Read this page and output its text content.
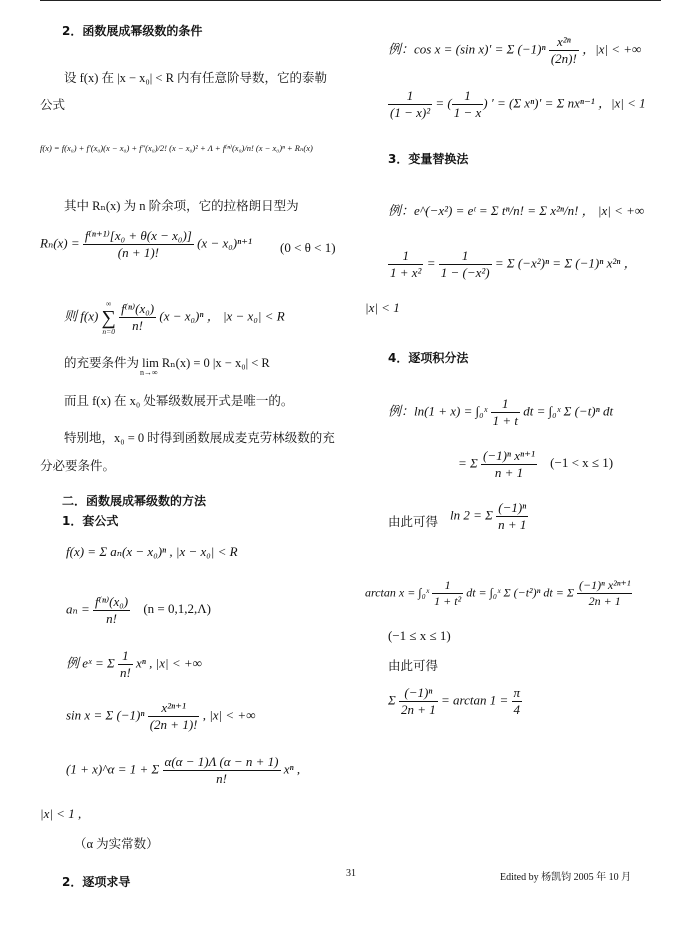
2．函数展成幂级数的条件
设 f(x) 在 |x − x₀| < R 内有任意阶导数，它的泰勒
公式
f(x) = f(x₀) + f′(x₀)(x − x₀) + f″(x₀)/2! (x − x₀)² + Λ + f⁽ⁿ⁾(x₀)/n! (x − x₀)ⁿ + Rₙ(x)
其中 Rₙ(x) 为 n 阶余项，它的拉格朗日型为
$R_n(x) = \frac{\text{f⁽ⁿ⁺¹⁾[x₀ + θ(x − x₀)]}}{(n + 1)!} (x - x_0)^{n+1}$ (0 < θ < 1)
则 f(x)
∞
∑
n=0
$\frac{\text{f⁽ⁿ⁾(x₀)}}{n!} (x - x_0)^n$ ， |x − x₀| < R
的充要条件为 lim Rₙ(x) = 0 |x − x₀| < R
n→∞
而且 f(x) 在 x₀ 处幂级数展开式是唯一的。
特别地，x₀ = 0 时得到函数展成麦克劳林级数的充
分必要条件。
二．函数展成幂级数的方法
1．套公式
f(x) = Σ aₙ(x − x₀)ⁿ , |x − x₀| < R
$a_n = \frac{\text{f⁽ⁿ⁾(x₀)}}{n!} (n = 0,1,2,\Lambda)$
例 eˣ = Σ $\frac{1}{n!}$ xⁿ , |x| < +∞
sin x = Σ $(-1)^n \frac{\text{x²ⁿ⁺¹}}{(2n + 1)!}$ , |x| < +∞
(1 + x)^α = 1 + Σ $\frac{\alpha(\alpha - 1)\Lambda (\alpha - n + 1)}{n!}$ xⁿ ,
|x| < 1 ,
（α 为实常数）
2．逐项求导
例：cos x = (sin x)′ = Σ $(-1)^n \frac{\text{x²ⁿ}}{(2n)!}$ ，|x| < +∞
$\frac{1}{\text{(1 − x)²}}$ = ( $\frac{1}{1 - x}$ ) ′ = (Σ xⁿ)′ = Σ nxⁿ⁻¹ ，|x| < 1
3．变量替换法
例：e^(−x²) = eᵗ = Σ tⁿ/n! = Σ x²ⁿ/n! ， |x| < +∞
$\frac{1}{\text{1 + x²}} = \frac{1}{\text{1 − (−x²)}} = \Sigma$ (−x²)ⁿ = Σ (−1)ⁿ x²ⁿ ，
|x| < 1
4．逐项积分法
例：ln(1 + x) = ∫₀ˣ $\frac{1}{1 + t}$ dt = ∫₀ˣ Σ (−t)ⁿ dt
= Σ $\frac{\text{(−1)ⁿ xⁿ⁺¹}}{n + 1} (-1 < x \le 1)$
由此可得 ln 2 = Σ $\frac{\text{(−1)ⁿ}}{n + 1}$
arctan x = ∫₀ˣ $\frac{1}{\text{1 + t²}}$ dt = ∫₀ˣ Σ (−t²)ⁿ dt = Σ $\frac{\text{(−1)ⁿ x²ⁿ⁺¹}}{2n + 1}$
(−1 ≤ x ≤ 1)
由此可得
Σ $\frac{\text{(−1)ⁿ}}{2n + 1} = \arctan 1 = \frac{\pi}{4}$
31	Edited by 杨凯钧 2005 年 10 月
